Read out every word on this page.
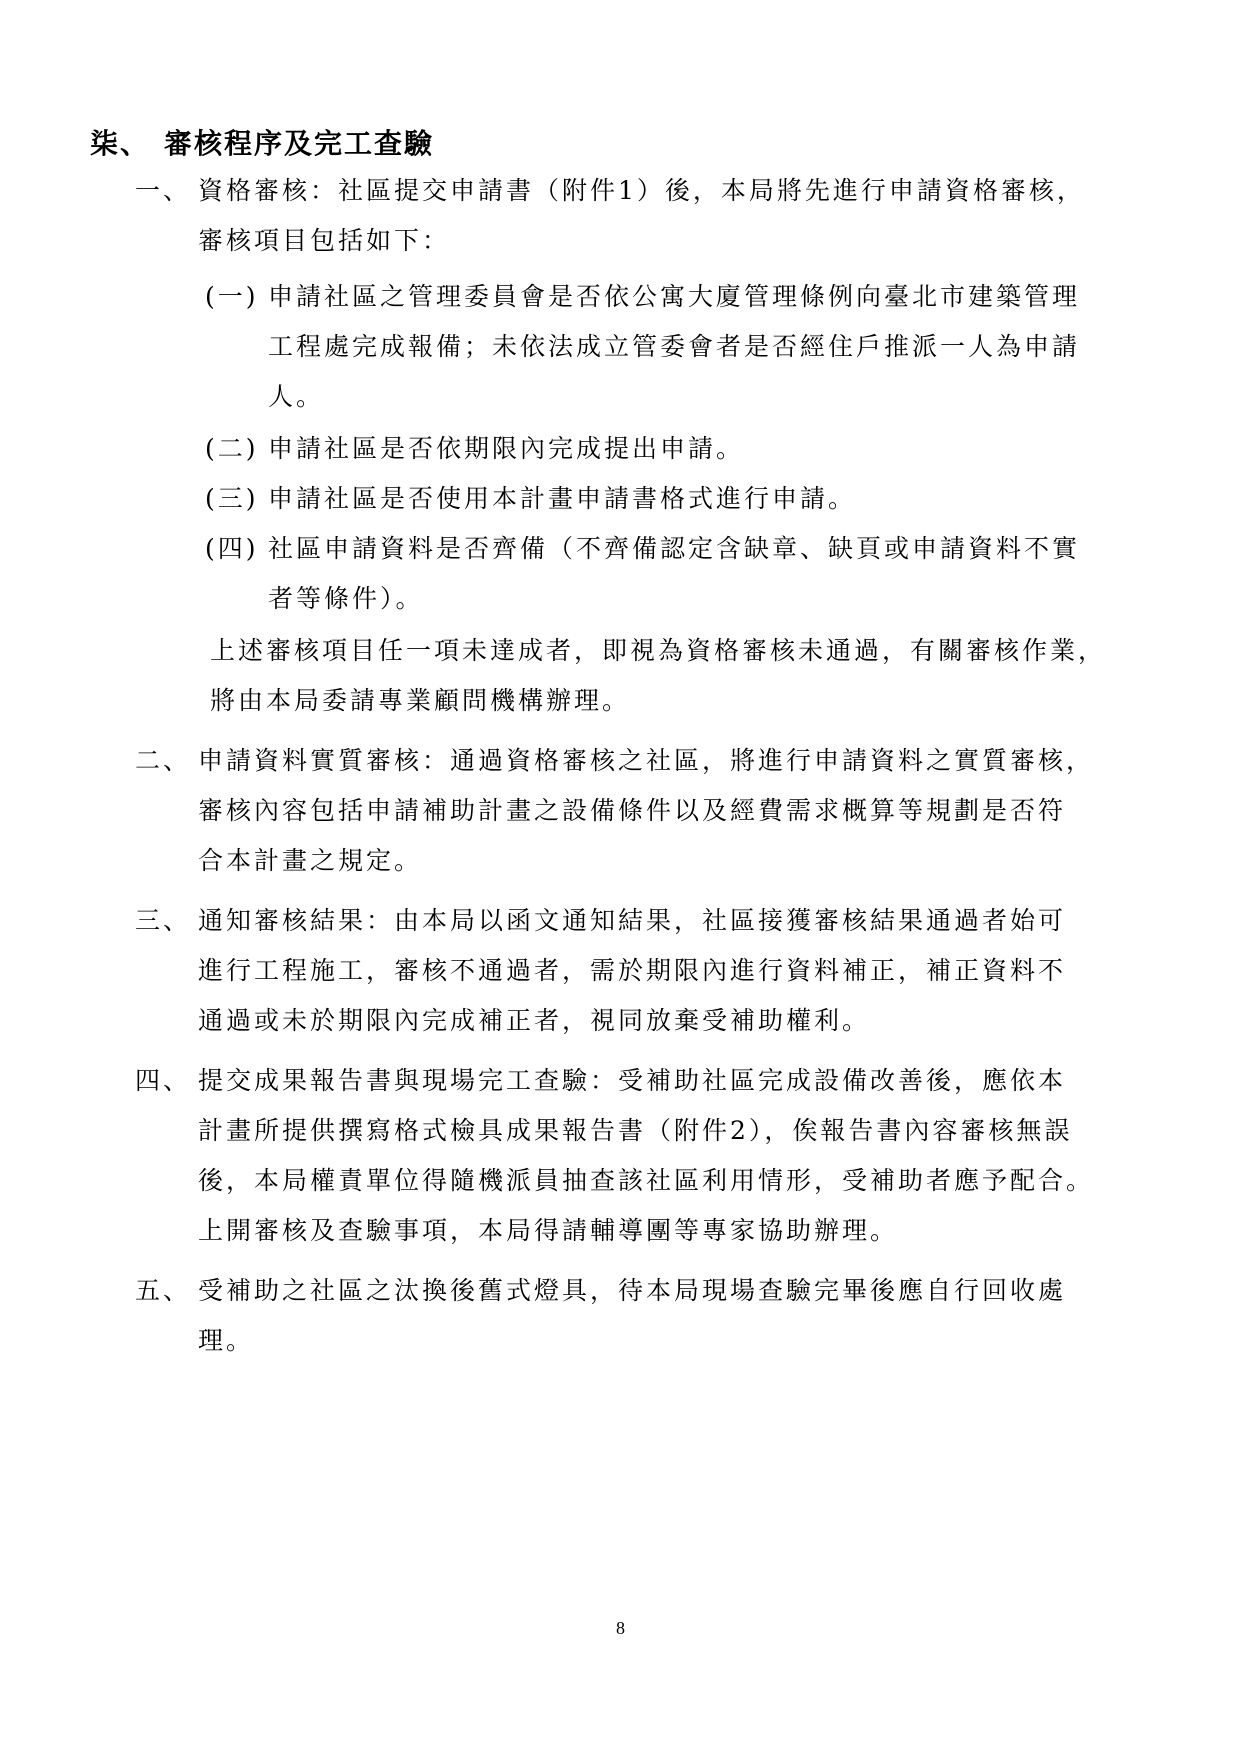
柒、 審核程序及完工查驗
一、 資格審核：社區提交申請書（附件1）後，本局將先進行申請資格審核，
審核項目包括如下：
(一) 申請社區之管理委員會是否依公寓大廈管理條例向臺北市建築管理
工程處完成報備；未依法成立管委會者是否經住戶推派一人為申請
人。
(二) 申請社區是否依期限內完成提出申請。
(三) 申請社區是否使用本計畫申請書格式進行申請。
(四) 社區申請資料是否齊備（不齊備認定含缺章、缺頁或申請資料不實
者等條件）。
上述審核項目任一項未達成者，即視為資格審核未通過，有關審核作業，
將由本局委請專業顧問機構辦理。
二、 申請資料實質審核：通過資格審核之社區，將進行申請資料之實質審核，
審核內容包括申請補助計畫之設備條件以及經費需求概算等規劃是否符
合本計畫之規定。
三、 通知審核結果：由本局以函文通知結果，社區接獲審核結果通過者始可
進行工程施工，審核不通過者，需於期限內進行資料補正，補正資料不
通過或未於期限內完成補正者，視同放棄受補助權利。
四、 提交成果報告書與現場完工查驗：受補助社區完成設備改善後，應依本
計畫所提供撰寫格式檢具成果報告書（附件2），俟報告書內容審核無誤
後，本局權責單位得隨機派員抽查該社區利用情形，受補助者應予配合。
上開審核及查驗事項，本局得請輔導團等專家協助辦理。
五、 受補助之社區之汰換後舊式燈具，待本局現場查驗完畢後應自行回收處
理。
8
